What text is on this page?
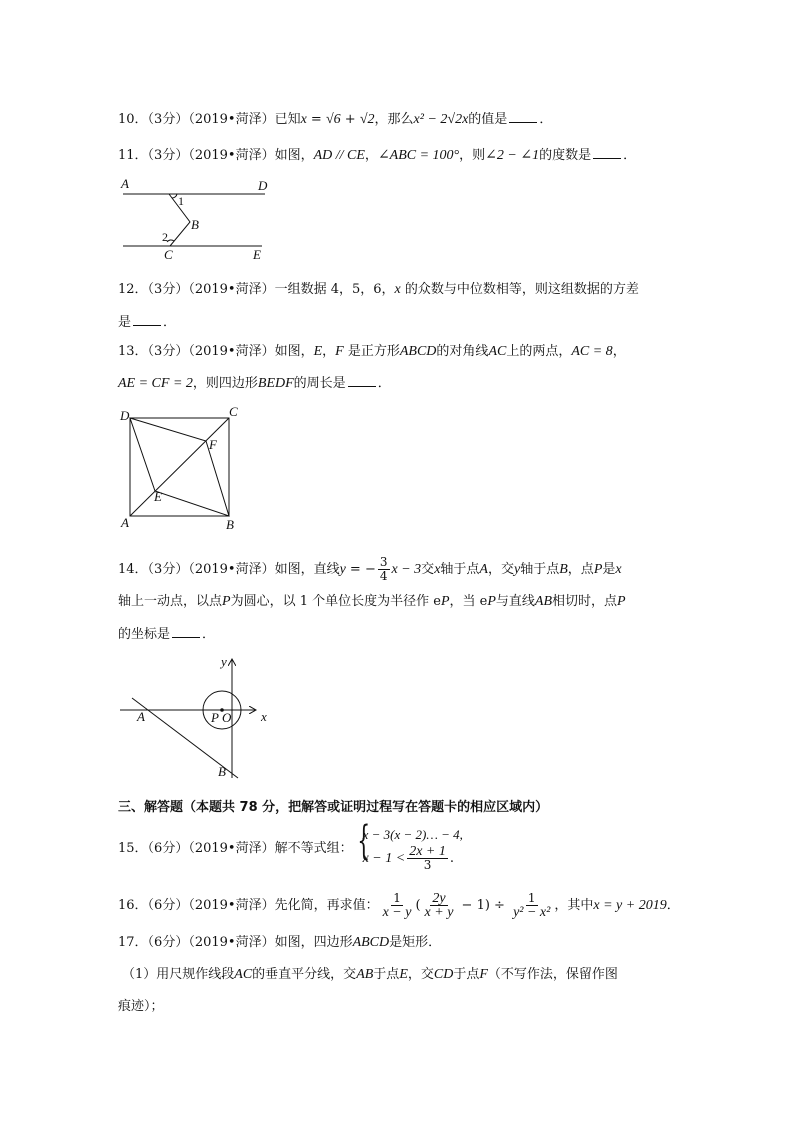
10．（3分）（2019•菏泽）已知x = √6 + √2，那么x² − 2√2x的值是 ．
11．（3分）（2019•菏泽）如图，AD // CE，∠ABC = 100°，则∠2 − ∠1的度数是 ．
A	D
1
B
2
C	E
12．（3分）（2019•菏泽）一组数据 4，5，6，x 的众数与中位数相等，则这组数据的方差
是 ．
13．（3分）（2019•菏泽）如图，E，F 是正方形ABCD的对角线AC上的两点，AC = 8，
AE = CF = 2，则四边形BEDF的周长是 ．
D	C
F
E
A	B
14．（3分）（2019•菏泽）如图，直线y = − $\frac{3}{4}$ x − 3交x轴于点A，交y轴于点B，点P是x
轴上一动点，以点P为圆心，以 1 个单位长度为半径作 eP，当 eP与直线AB相切时，点P
的坐标是 ．
y
x
A	P O
B
三、解答题（本题共 78 分，把解答或证明过程写在答题卡的相应区域内）
15．（6分）（2019•菏泽）解不等式组：
{ x − 3(x − 2)… − 4,
$x - 1 < \frac{2x + 1}{3}$ .
16．（6分）（2019•菏泽）先化简，再求值： $\frac{1}{x - y}$ ( $\frac{2y}{x + y} - 1) \div \frac{1}{\text{y² − x²}}$ ，其中x = y + 2019．
17．（6分）（2019•菏泽）如图，四边形ABCD是矩形．
（1）用尺规作线段AC的垂直平分线，交AB于点E，交CD于点F（不写作法，保留作图
痕迹）；
